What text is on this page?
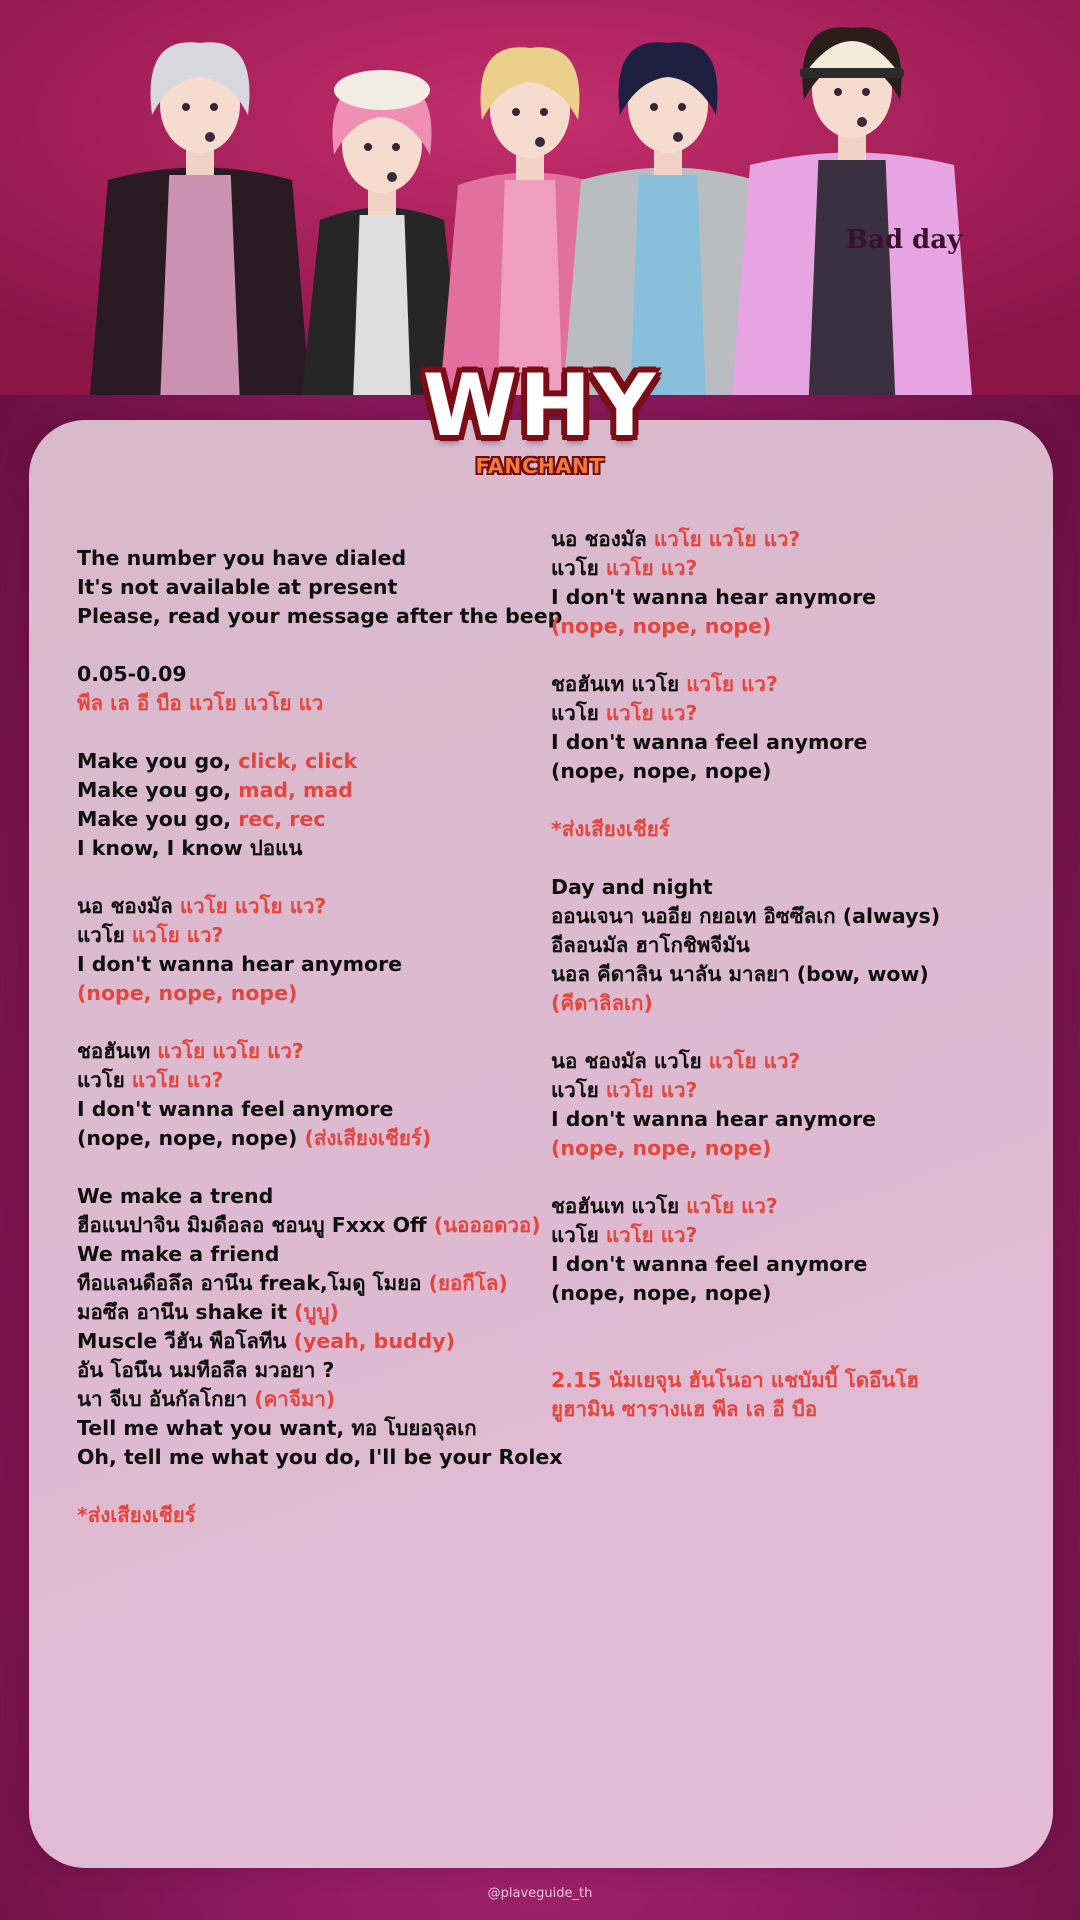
Bad day
WHY
FANCHANT
The number you have dialed
It's not available at present
Please, read your message after the beep
0.05-0.09
พีล เล อี บือ แวโย แวโย แว
Make you go, click, click
Make you go, mad, mad
Make you go, rec, rec
I know, I know ปอแน
นอ ชองมัล แวโย แวโย แว?
แวโย แวโย แว?
I don't wanna hear anymore
(nope, nope, nope)
ชอฮันเท แวโย แวโย แว?
แวโย แวโย แว?
I don't wanna feel anymore
(nope, nope, nope) (ส่งเสียงเชียร์)
We make a trend
ฮือแนปาจิน มิมดือลอ ชอนบู Fxxx Off (นอออดวอ)
We make a friend
ทือแลนดือลึล อานึน freak,โมดู โมยอ (ยอกีโล)
มอซึล อานึน shake it (บูบู)
Muscle วีฮัน พือโลทีน (yeah, buddy)
อัน โอนึน นมทือลึล มวอยา ?
นา จีเบ อันกัลโกยา (คาจีมา)
Tell me what you want, ทอ โบยอจุลเก
Oh, tell me what you do, I'll be your Rolex
*ส่งเสียงเชียร์
นอ ชองมัล แวโย แวโย แว?
แวโย แวโย แว?
I don't wanna hear anymore
(nope, nope, nope)
ชอฮันเท แวโย แวโย แว?
แวโย แวโย แว?
I don't wanna feel anymore
(nope, nope, nope)
*ส่งเสียงเชียร์
Day and night
ออนเจนา นออีย กยอเท อิซซึลเก (always)
อีลอนมัล ฮาโกชิพจีมัน
นอล คีดาลิน นาลัน มาลยา (bow, wow)
(คีดาลิลเก)
นอ ชองมัล แวโย แวโย แว?
แวโย แวโย แว?
I don't wanna hear anymore
(nope, nope, nope)
ชอฮันเท แวโย แวโย แว?
แวโย แวโย แว?
I don't wanna feel anymore
(nope, nope, nope)
2.15 นัมเยจุน ฮันโนอา แชบัมบี้ โดอึนโฮ
ยูฮามิน ซารางแฮ พีล เล อี บือ
@plaveguide_th
